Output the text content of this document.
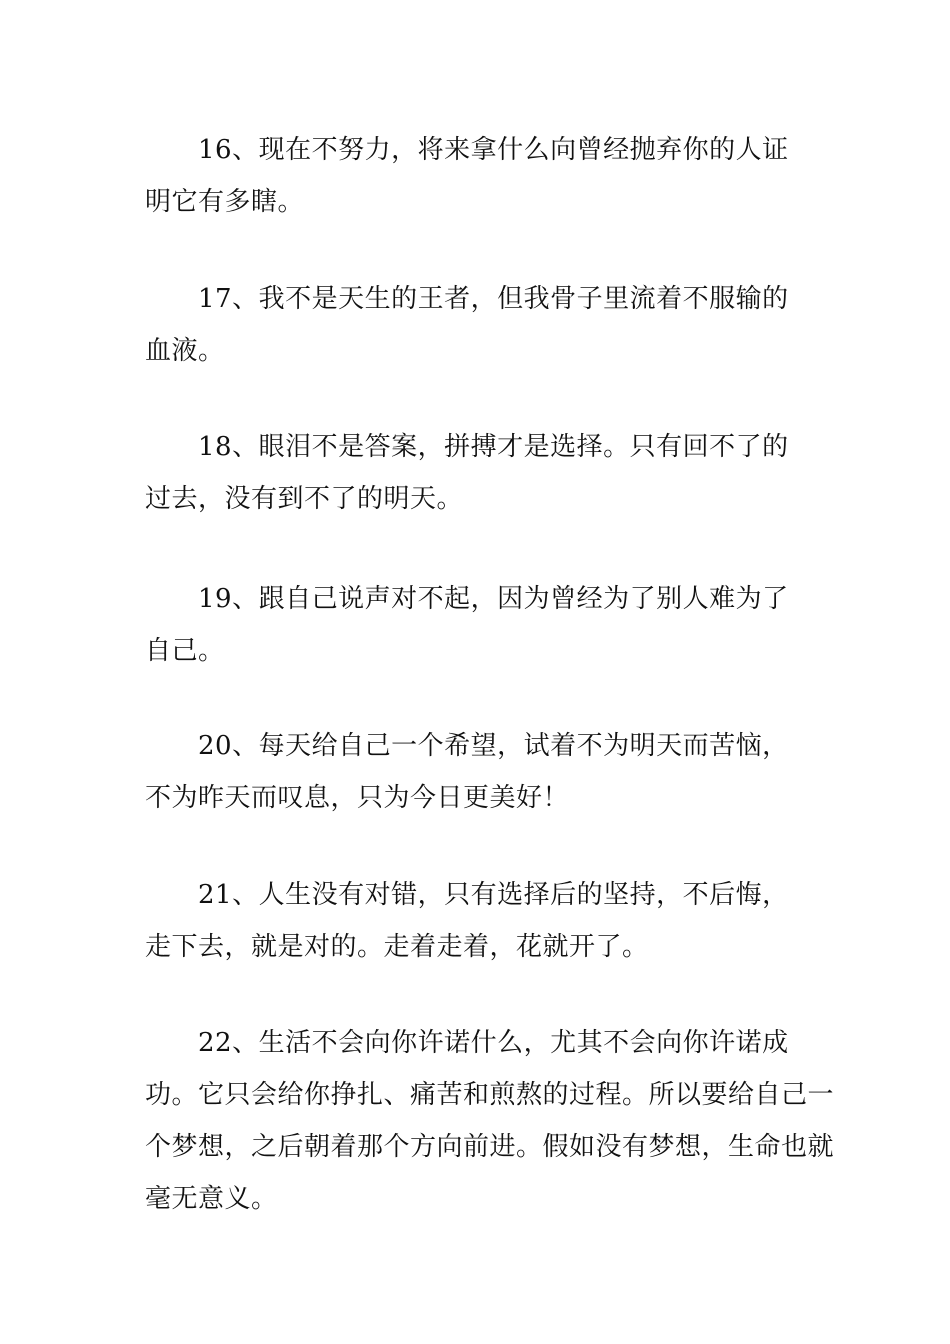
16、现在不努力，将来拿什么向曾经抛弃你的人证明它有多瞎。

17、我不是天生的王者，但我骨子里流着不服输的血液。

18、眼泪不是答案，拼搏才是选择。只有回不了的过去，没有到不了的明天。

19、跟自己说声对不起，因为曾经为了别人难为了自己。

20、每天给自己一个希望，试着不为明天而苦恼，不为昨天而叹息，只为今日更美好！

21、人生没有对错，只有选择后的坚持，不后悔，走下去，就是对的。走着走着，花就开了。

22、生活不会向你许诺什么，尤其不会向你许诺成功。它只会给你挣扎、痛苦和煎熬的过程。所以要给自己一个梦想，之后朝着那个方向前进。假如没有梦想，生命也就毫无意义。
